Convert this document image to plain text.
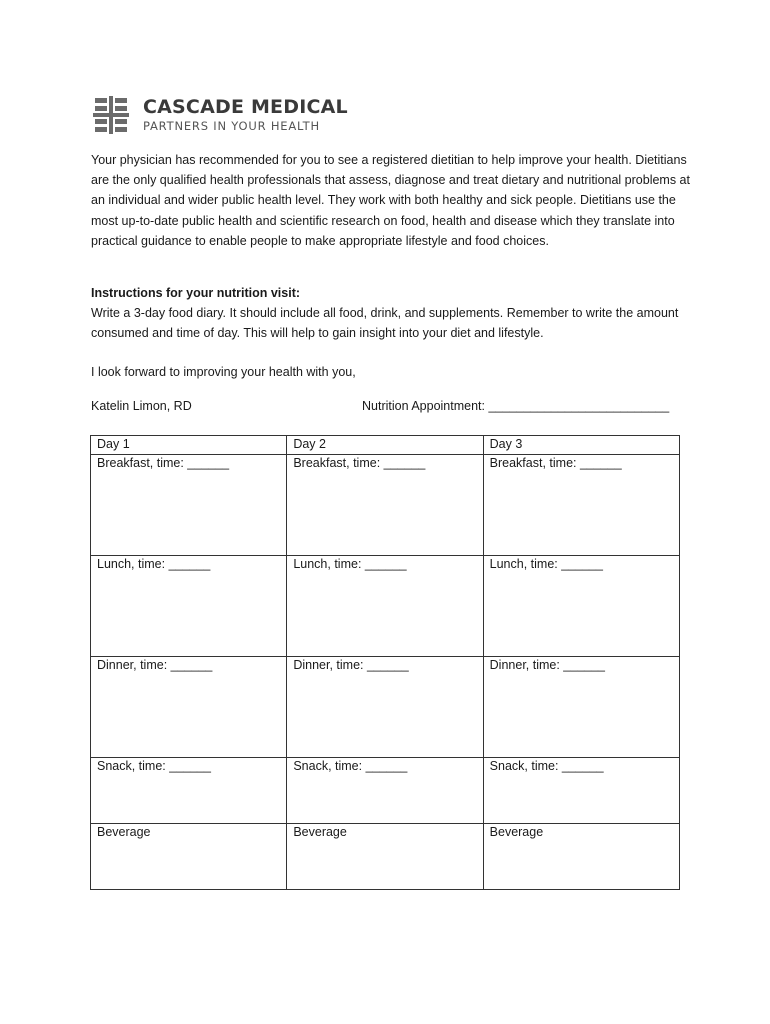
CASCADE MEDICAL
PARTNERS IN YOUR HEALTH
Your physician has recommended for you to see a registered dietitian to help improve your health. Dietitians are the only qualified health professionals that assess, diagnose and treat dietary and nutritional problems at an individual and wider public health level. They work with both healthy and sick people. Dietitians use the most up-to-date public health and scientific research on food, health and disease which they translate into practical guidance to enable people to make appropriate lifestyle and food choices.
Instructions for your nutrition visit:
Write a 3-day food diary. It should include all food, drink, and supplements. Remember to write the amount consumed and time of day. This will help to gain insight into your diet and lifestyle.
I look forward to improving your health with you,
Katelin Limon, RD	Nutrition Appointment: __________________________
Day 1	Day 2	Day 3
Breakfast, time: ______	Breakfast, time: ______	Breakfast, time: ______
Lunch, time: ______	Lunch, time: ______	Lunch, time: ______
Dinner, time: ______	Dinner, time: ______	Dinner, time: ______
Snack, time: ______	Snack, time: ______	Snack, time: ______
Beverage	Beverage	Beverage
